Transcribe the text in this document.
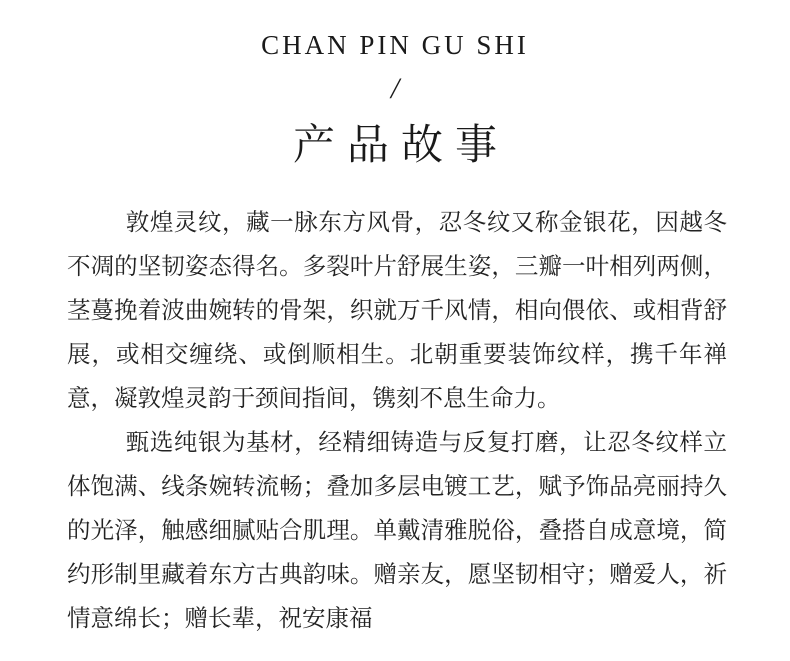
CHAN PIN GU SHI
/
产品故事

敦煌灵纹，藏一脉东方风骨，忍冬纹又称金银花，因越冬不凋的坚韧姿态得名。多裂叶片舒展生姿，三瓣一叶相列两侧，茎蔓挽着波曲婉转的骨架，织就万千风情，相向偎依、或相背舒展，或相交缠绕、或倒顺相生。北朝重要装饰纹样，携千年禅意，凝敦煌灵韵于颈间指间，镌刻不息生命力。

甄选纯银为基材，经精细铸造与反复打磨，让忍冬纹样立体饱满、线条婉转流畅；叠加多层电镀工艺，赋予饰品亮丽持久的光泽，触感细腻贴合肌理。单戴清雅脱俗，叠搭自成意境，简约形制里藏着东方古典韵味。赠亲友，愿坚韧相守；赠爱人，祈情意绵长；赠长辈，祝安康福
